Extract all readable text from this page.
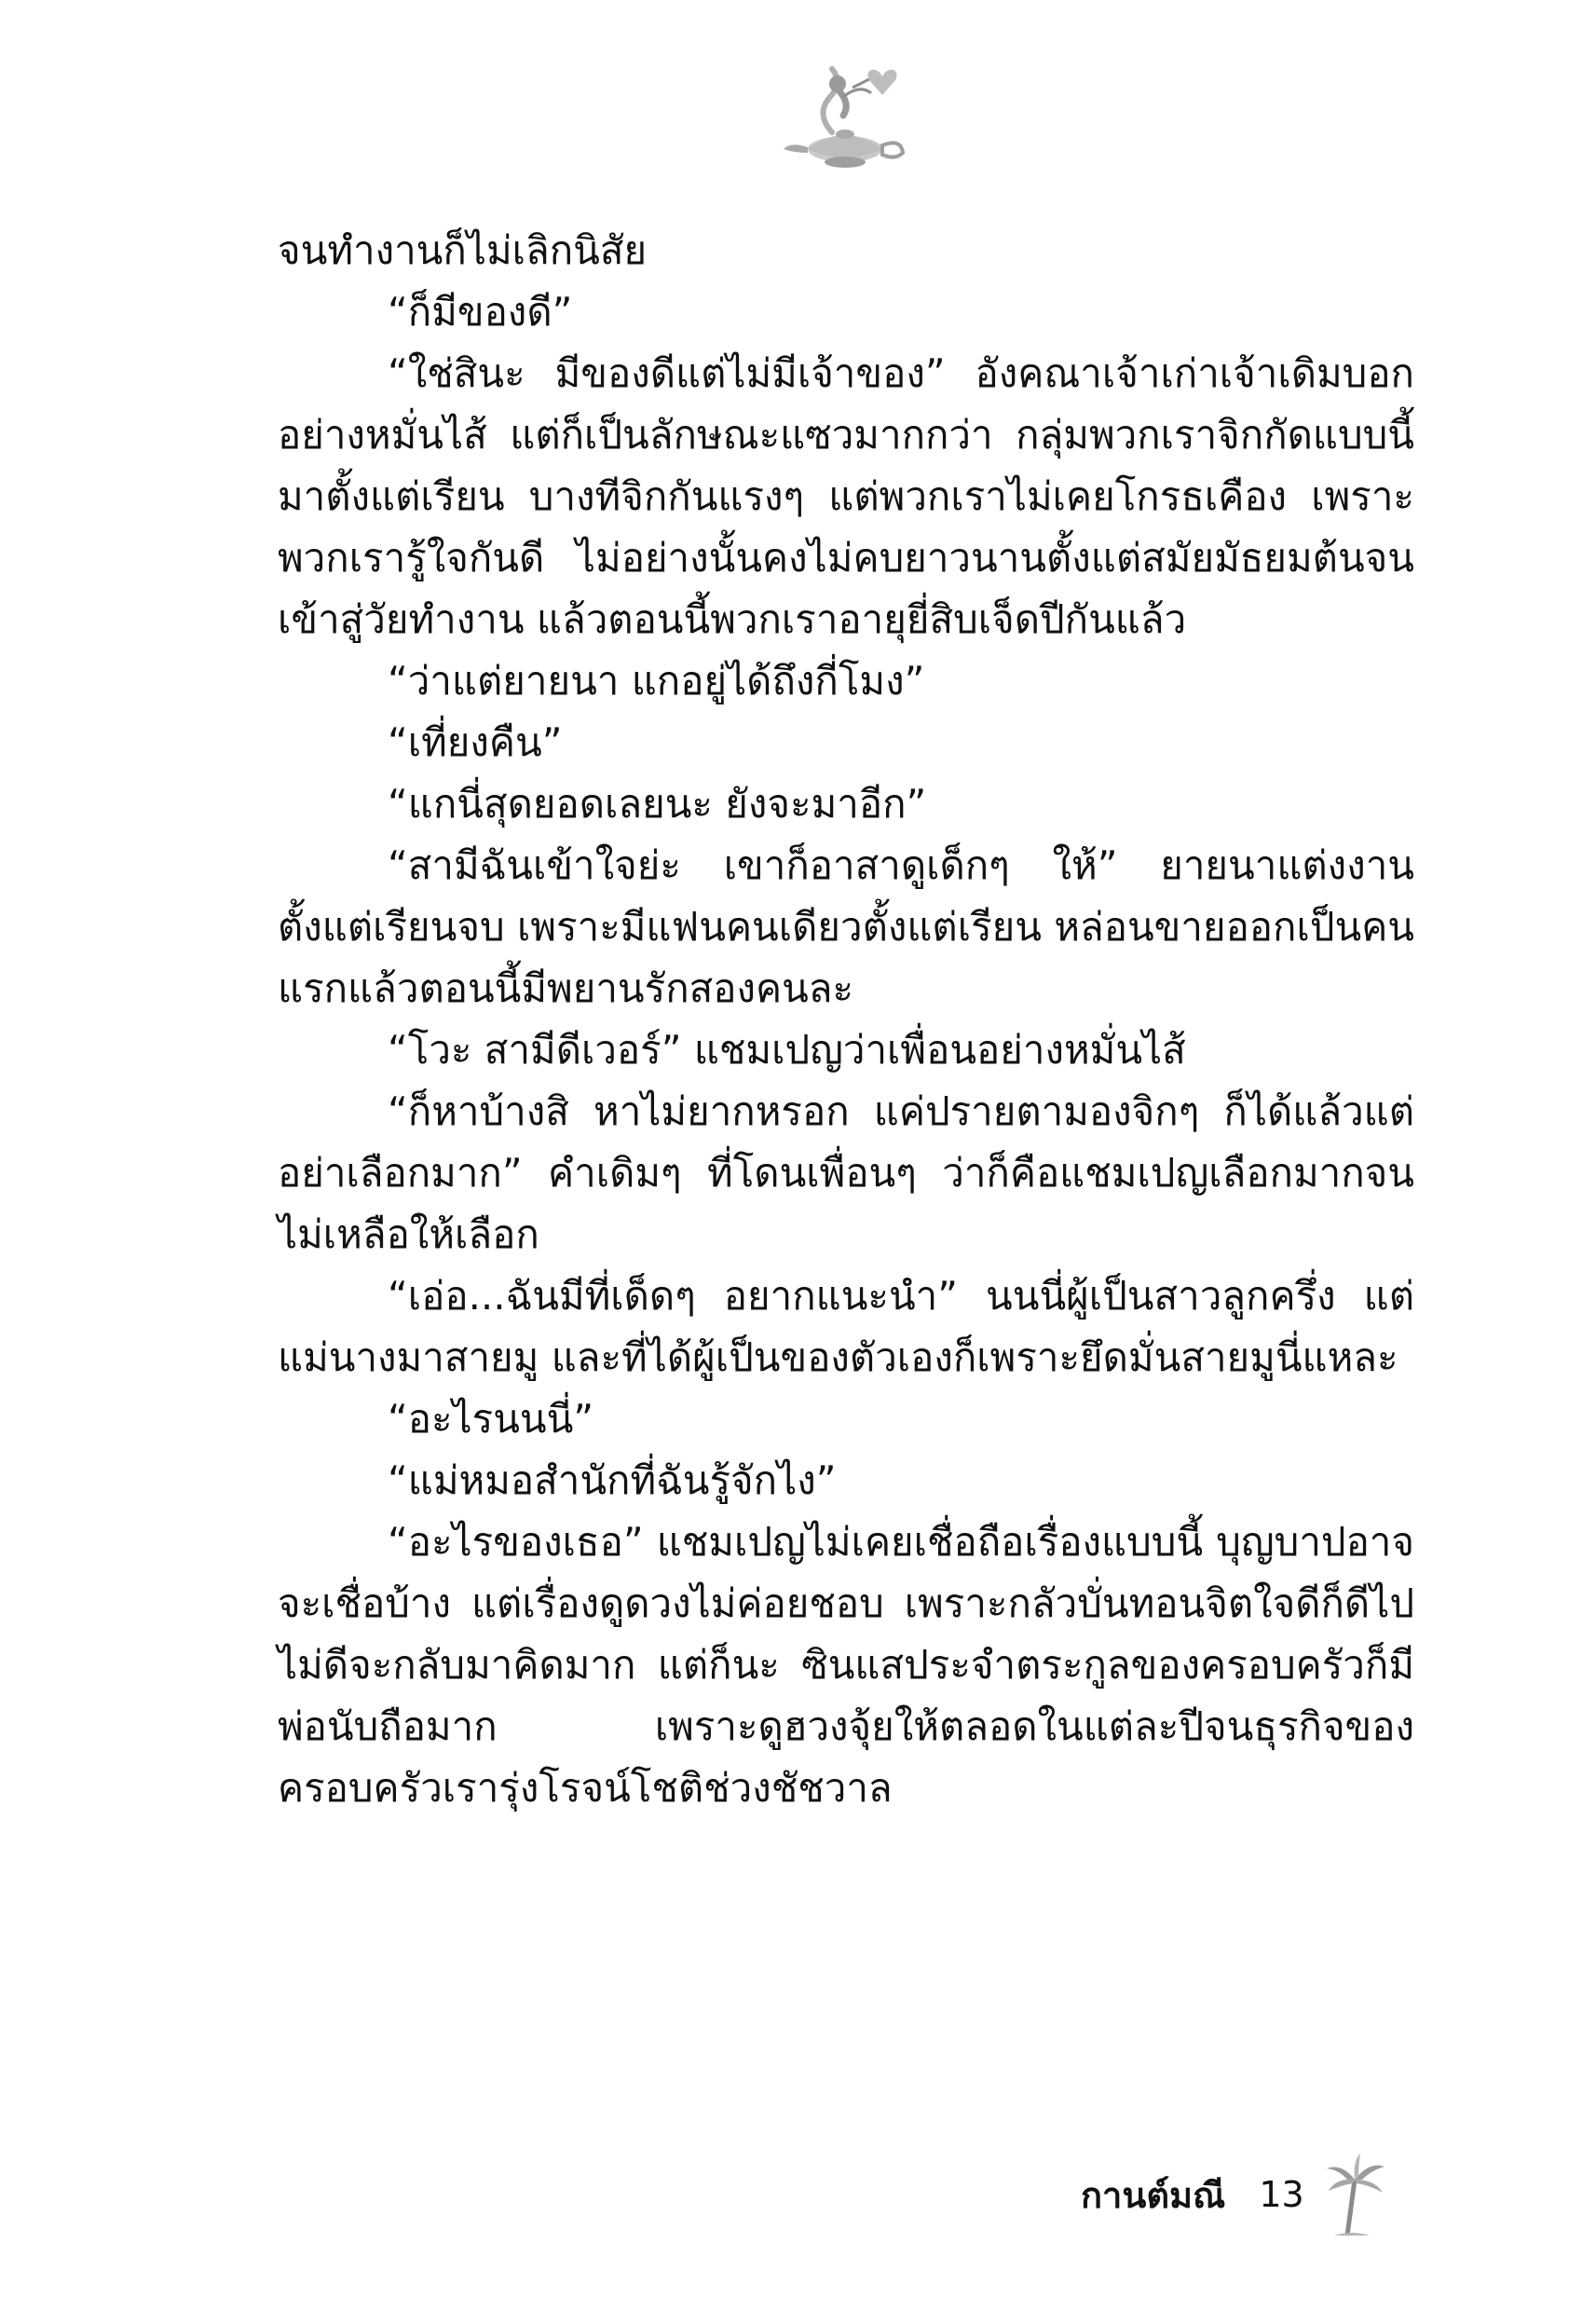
จนทำงานก็ไม่เลิกนิสัย

“ก็มีของดี”

“ใช่สินะ มีของดีแต่ไม่มีเจ้าของ” อังคณาเจ้าเก่าเจ้าเดิมบอกอย่างหมั่นไส้ แต่ก็เป็นลักษณะแซวมากกว่า กลุ่มพวกเราจิกกัดแบบนี้มาตั้งแต่เรียน บางทีจิกกันแรงๆ แต่พวกเราไม่เคยโกรธเคือง เพราะพวกเรารู้ใจกันดี ไม่อย่างนั้นคงไม่คบยาวนานตั้งแต่สมัยมัธยมต้นจนเข้าสู่วัยทำงาน แล้วตอนนี้พวกเราอายุยี่สิบเจ็ดปีกันแล้ว

“ว่าแต่ยายนา แกอยู่ได้ถึงกี่โมง”

“เที่ยงคืน”

“แกนี่สุดยอดเลยนะ ยังจะมาอีก”

“สามีฉันเข้าใจย่ะ เขาก็อาสาดูเด็กๆ ให้” ยายนาแต่งงานตั้งแต่เรียนจบ เพราะมีแฟนคนเดียวตั้งแต่เรียน หล่อนขายออกเป็นคนแรกแล้วตอนนี้มีพยานรักสองคนละ

“โวะ สามีดีเวอร์” แชมเปญว่าเพื่อนอย่างหมั่นไส้

“ก็หาบ้างสิ หาไม่ยากหรอก แค่ปรายตามองจิกๆ ก็ได้แล้วแต่อย่าเลือกมาก” คำเดิมๆ ที่โดนเพื่อนๆ ว่าก็คือแชมเปญเลือกมากจนไม่เหลือให้เลือก

“เอ่อ...ฉันมีที่เด็ดๆ อยากแนะนำ” นนนี่ผู้เป็นสาวลูกครึ่ง แต่แม่นางมาสายมู และที่ได้ผู้เป็นของตัวเองก็เพราะยึดมั่นสายมูนี่แหละ

“อะไรนนนี่”

“แม่หมอสำนักที่ฉันรู้จักไง”

“อะไรของเธอ” แชมเปญไม่เคยเชื่อถือเรื่องแบบนี้ บุญบาปอาจจะเชื่อบ้าง แต่เรื่องดูดวงไม่ค่อยชอบ เพราะกลัวบั่นทอนจิตใจดีก็ดีไป ไม่ดีจะกลับมาคิดมาก แต่ก็นะ ซินแสประจำตระกูลของครอบครัวก็มี พ่อนับถือมาก เพราะดูฮวงจุ้ยให้ตลอดในแต่ละปีจนธุรกิจของครอบครัวเรารุ่งโรจน์โชติช่วงชัชวาล

กานต์มณี 13
